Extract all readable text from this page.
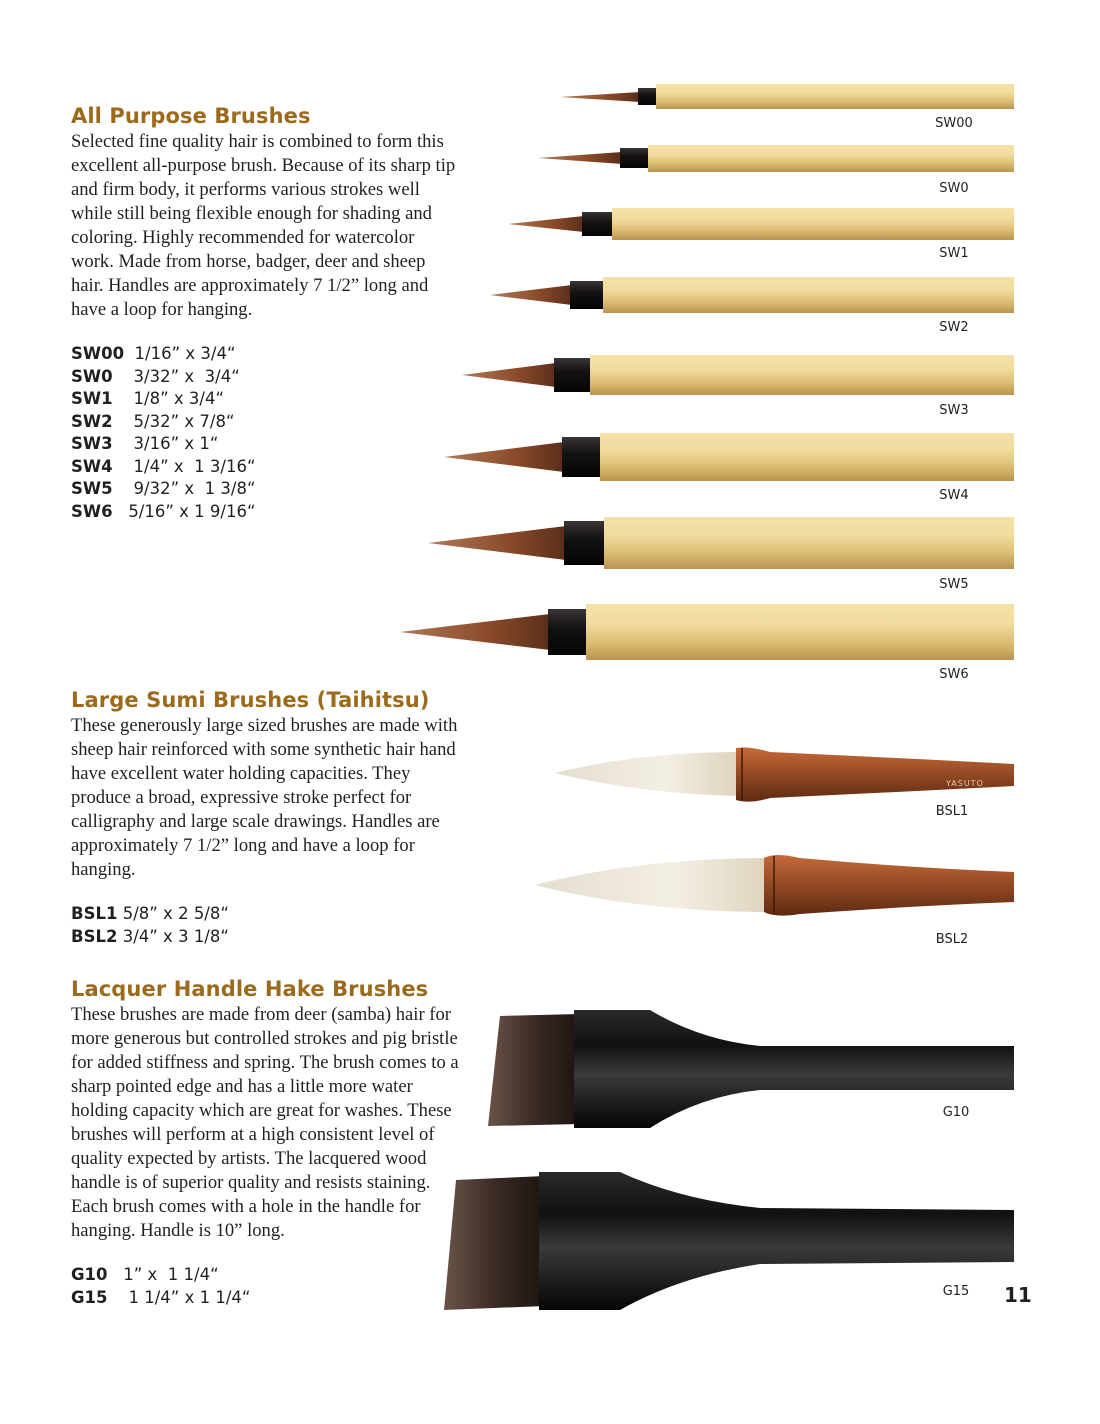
All Purpose Brushes

Selected fine quality hair is combined to form this excellent all-purpose brush. Because of its sharp tip and firm body, it performs various strokes well while still being flexible enough for shading and coloring. Highly recommended for watercolor work. Made from horse, badger, deer and sheep hair. Handles are approximately 7 1/2” long and have a loop for hanging.

SW00  1/16” x 3/4“
SW0    3/32” x  3/4“
SW1    1/8” x 3/4“
SW2    5/32” x 7/8“
SW3    3/16” x 1“
SW4    1/4” x  1 3/16“
SW5    9/32” x  1 3/8“
SW6   5/16” x 1 9/16“
Large Sumi Brushes (Taihitsu)

These generously large sized brushes are made with sheep hair reinforced with some synthetic hair hand have excellent water holding capacities. They produce a broad, expressive stroke perfect for calligraphy and large scale drawings. Handles are approximately 7 1/2” long and have a loop for hanging.

BSL1 5/8” x 2 5/8“
BSL2 3/4” x 3 1/8“
Lacquer Handle Hake Brushes

These brushes are made from deer (samba) hair for more generous but controlled strokes and pig bristle for added stiffness and spring. The brush comes to a sharp pointed edge and has a little more water holding capacity which are great for washes. These brushes will perform at a high consistent level of quality expected by artists. The lacquered wood handle is of superior quality and resists staining. Each brush comes with a hole in the handle for hanging. Handle is 10” long.

G10   1” x  1 1/4“
G15    1 1/4” x 1 1/4“
YASUTO
SW00
SW0
SW1
SW2
SW3
SW4
SW5
SW6
BSL1
BSL2
G10
G15	11
